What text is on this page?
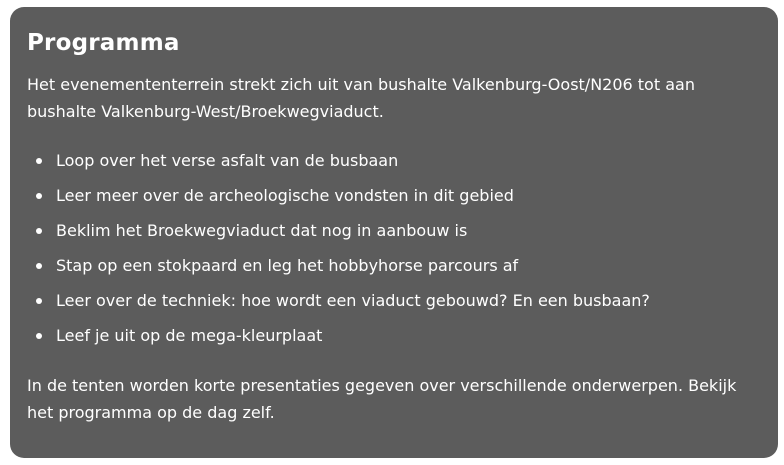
Programma

Het evenemententerrein strekt zich uit van bushalte Valkenburg-Oost/N206 tot aan bushalte Valkenburg-West/Broekwegviaduct.

Loop over het verse asfalt van de busbaan
Leer meer over de archeologische vondsten in dit gebied
Beklim het Broekwegviaduct dat nog in aanbouw is
Stap op een stokpaard en leg het hobbyhorse parcours af
Leer over de techniek: hoe wordt een viaduct gebouwd? En een busbaan?
Leef je uit op de mega-kleurplaat

In de tenten worden korte presentaties gegeven over verschillende onderwerpen. Bekijk het programma op de dag zelf.
